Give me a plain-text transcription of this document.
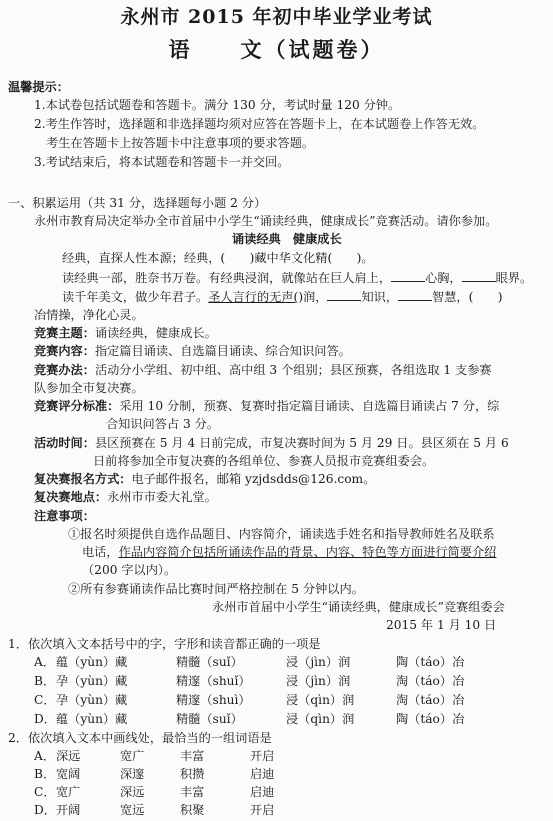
永州市 2015 年初中毕业学业考试
语　　文（试题卷）
温馨提示：
1.本试卷包括试题卷和答题卡。满分 130 分，考试时量 120 分钟。
2.考生作答时，选择题和非选择题均须对应答在答题卡上，在本试题卷上作答无效。
考生在答题卡上按答题卡中注意事项的要求答题。
3.考试结束后，将本试题卷和答题卡一并交回。
一、积累运用（共 31 分，选择题每小题 2 分）
永州市教育局决定举办全市首届中小学生“诵读经典，健康成长”竞赛活动。请你参加。
诵读经典　健康成长
经典，直探人性本源；经典，(　　)藏中华文化精(　　)。
读经典一部，胜奈书万卷。有经典浸润，就像站在巨人肩上，	心胸，	眼界。
读千年美文，做少年君子。圣人言行的无声()润，	知识，	智慧，(　　)
冶情操，净化心灵。
竞赛主题：诵读经典，健康成长。
竞赛内容：指定篇目诵读、自选篇目诵读、综合知识问答。
竞赛办法：活动分小学组、初中组、高中组 3 个组别；县区预赛，各组选取 1 支参赛
队参加全市复决赛。
竞赛评分标准：采用 10 分制，预赛、复赛时指定篇目诵读、自选篇目诵读占 7 分，综
合知识问答占 3 分。
活动时间：县区预赛在 5 月 4 日前完成，市复决赛时间为 5 月 29 日。县区须在 5 月 6
日前将参加全市复决赛的各组单位、参赛人员报市竞赛组委会。
复决赛报名方式：电子邮件报名，邮箱 yzjdsdds@126.com。
复决赛地点：永州市市委大礼堂。
注意事项：
①报名时须提供自选作品题目、内容简介，诵读选手姓名和指导教师姓名及联系
电话，作品内容简介包括所诵读作品的背景、内容、特色等方面进行简要介绍
（200 字以内）。
②所有参赛诵读作品比赛时间严格控制在 5 分钟以内。
永州市首届中小学生“诵读经典，健康成长”竞赛组委会
2015 年 1 月 10 日
1．依次填入文本括号中的字，字形和读音都正确的一项是
A． 蕴（yùn）藏	精髓（suǐ）	浸（jìn）润	陶（táo）冶
B． 孕（yùn）藏	精邃（shuǐ）	浸（jìn）润	淘（táo）冶
C． 孕（yùn）藏	精邃（shuì）	浸（qìn）润	淘（táo）冶
D． 蕴（yùn）藏	精髓（suǐ）	浸（qìn）润	陶（táo）冶
2．依次填入文本中画线处，最恰当的一组词语是
A． 深远	宽广	丰富	开启
B． 宽阔	深邃	积攒	启迪
C． 宽广	深远	丰富	启迪
D． 开阔	宽远	积聚	开启
